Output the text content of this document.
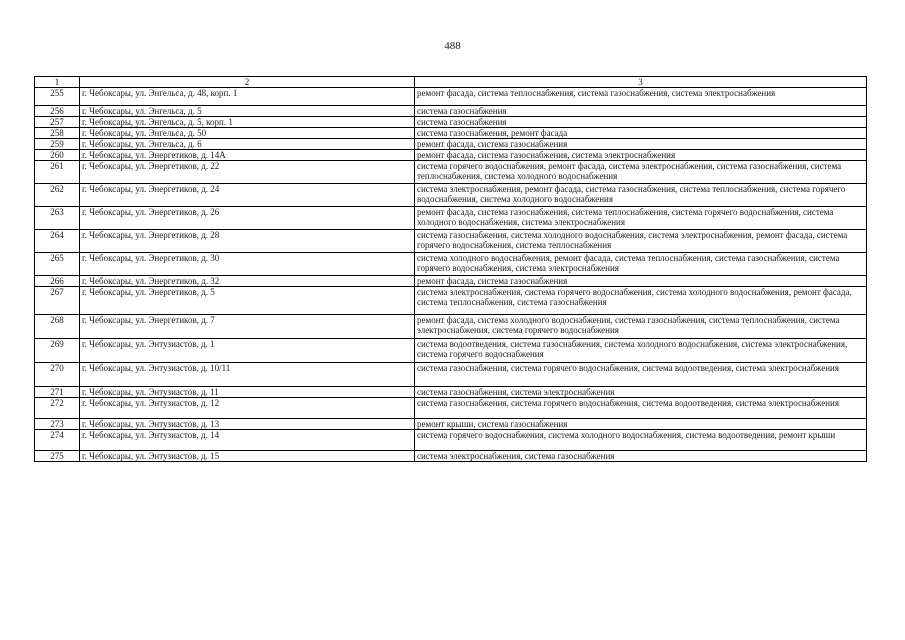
488
1	2	3
255	г. Чебоксары, ул. Энгельса, д. 48, корп. 1	ремонт фасада, система теплоснабжения, система газоснабжения, система электроснабжения
256	г. Чебоксары, ул. Энгельса, д. 5	система газоснабжения
257	г. Чебоксары, ул. Энгельса, д. 5, корп. 1	система газоснабжения
258	г. Чебоксары, ул. Энгельса, д. 50	система газоснабжения, ремонт фасада
259	г. Чебоксары, ул. Энгельса, д. 6	ремонт фасада, система газоснабжения
260	г. Чебоксары, ул. Энергетиков, д. 14А	ремонт фасада, система газоснабжения, система электроснабжения
261	г. Чебоксары, ул. Энергетиков, д. 22	система горячего водоснабжения, ремонт фасада, система электроснабжения, система газоснабжения, система теплоснабжения, система холодного водоснабжения
262	г. Чебоксары, ул. Энергетиков, д. 24	система электроснабжения, ремонт фасада, система газоснабжения, система теплоснабжения, система горячего водоснабжения, система холодного водоснабжения
263	г. Чебоксары, ул. Энергетиков, д. 26	ремонт фасада, система газоснабжения, система теплоснабжения, система горячего водоснабжения, система холодного водоснабжения, система электроснабжения
264	г. Чебоксары, ул. Энергетиков, д. 28	система газоснабжения, система холодного водоснабжения, система электроснабжения, ремонт фасада, система горячего водоснабжения, система теплоснабжения
265	г. Чебоксары, ул. Энергетиков, д. 30	система холодного водоснабжения, ремонт фасада, система теплоснабжения, система газоснабжения, система горячего водоснабжения, система электроснабжения
266	г. Чебоксары, ул. Энергетиков, д. 32	ремонт фасада, система газоснабжения
267	г. Чебоксары, ул. Энергетиков, д. 5	система электроснабжения, система горячего водоснабжения, система холодного водоснабжения, ремонт фасада, система теплоснабжения, система газоснабжения
268	г. Чебоксары, ул. Энергетиков, д. 7	ремонт фасада, система холодного водоснабжения, система газоснабжения, система теплоснабжения, система электроснабжения, система горячего водоснабжения
269	г. Чебоксары, ул. Энтузиастов, д. 1	система водоотведения, система газоснабжения, система холодного водоснабжения, система электроснабжения, система горячего водоснабжения
270	г. Чебоксары, ул. Энтузиастов, д. 10/11	система газоснабжения, система горячего водоснабжения, система водоотведения, система электроснабжения
271	г. Чебоксары, ул. Энтузиастов, д. 11	система газоснабжения, система электроснабжения
272	г. Чебоксары, ул. Энтузиастов, д. 12	система газоснабжения, система горячего водоснабжения, система водоотведения, система электроснабжения
273	г. Чебоксары, ул. Энтузиастов, д. 13	ремонт крыши, система газоснабжения
274	г. Чебоксары, ул. Энтузиастов, д. 14	система горячего водоснабжения, система холодного водоснабжения, система водоотведения, ремонт крыши
275	г. Чебоксары, ул. Энтузиастов, д. 15	система электроснабжения, система газоснабжения
